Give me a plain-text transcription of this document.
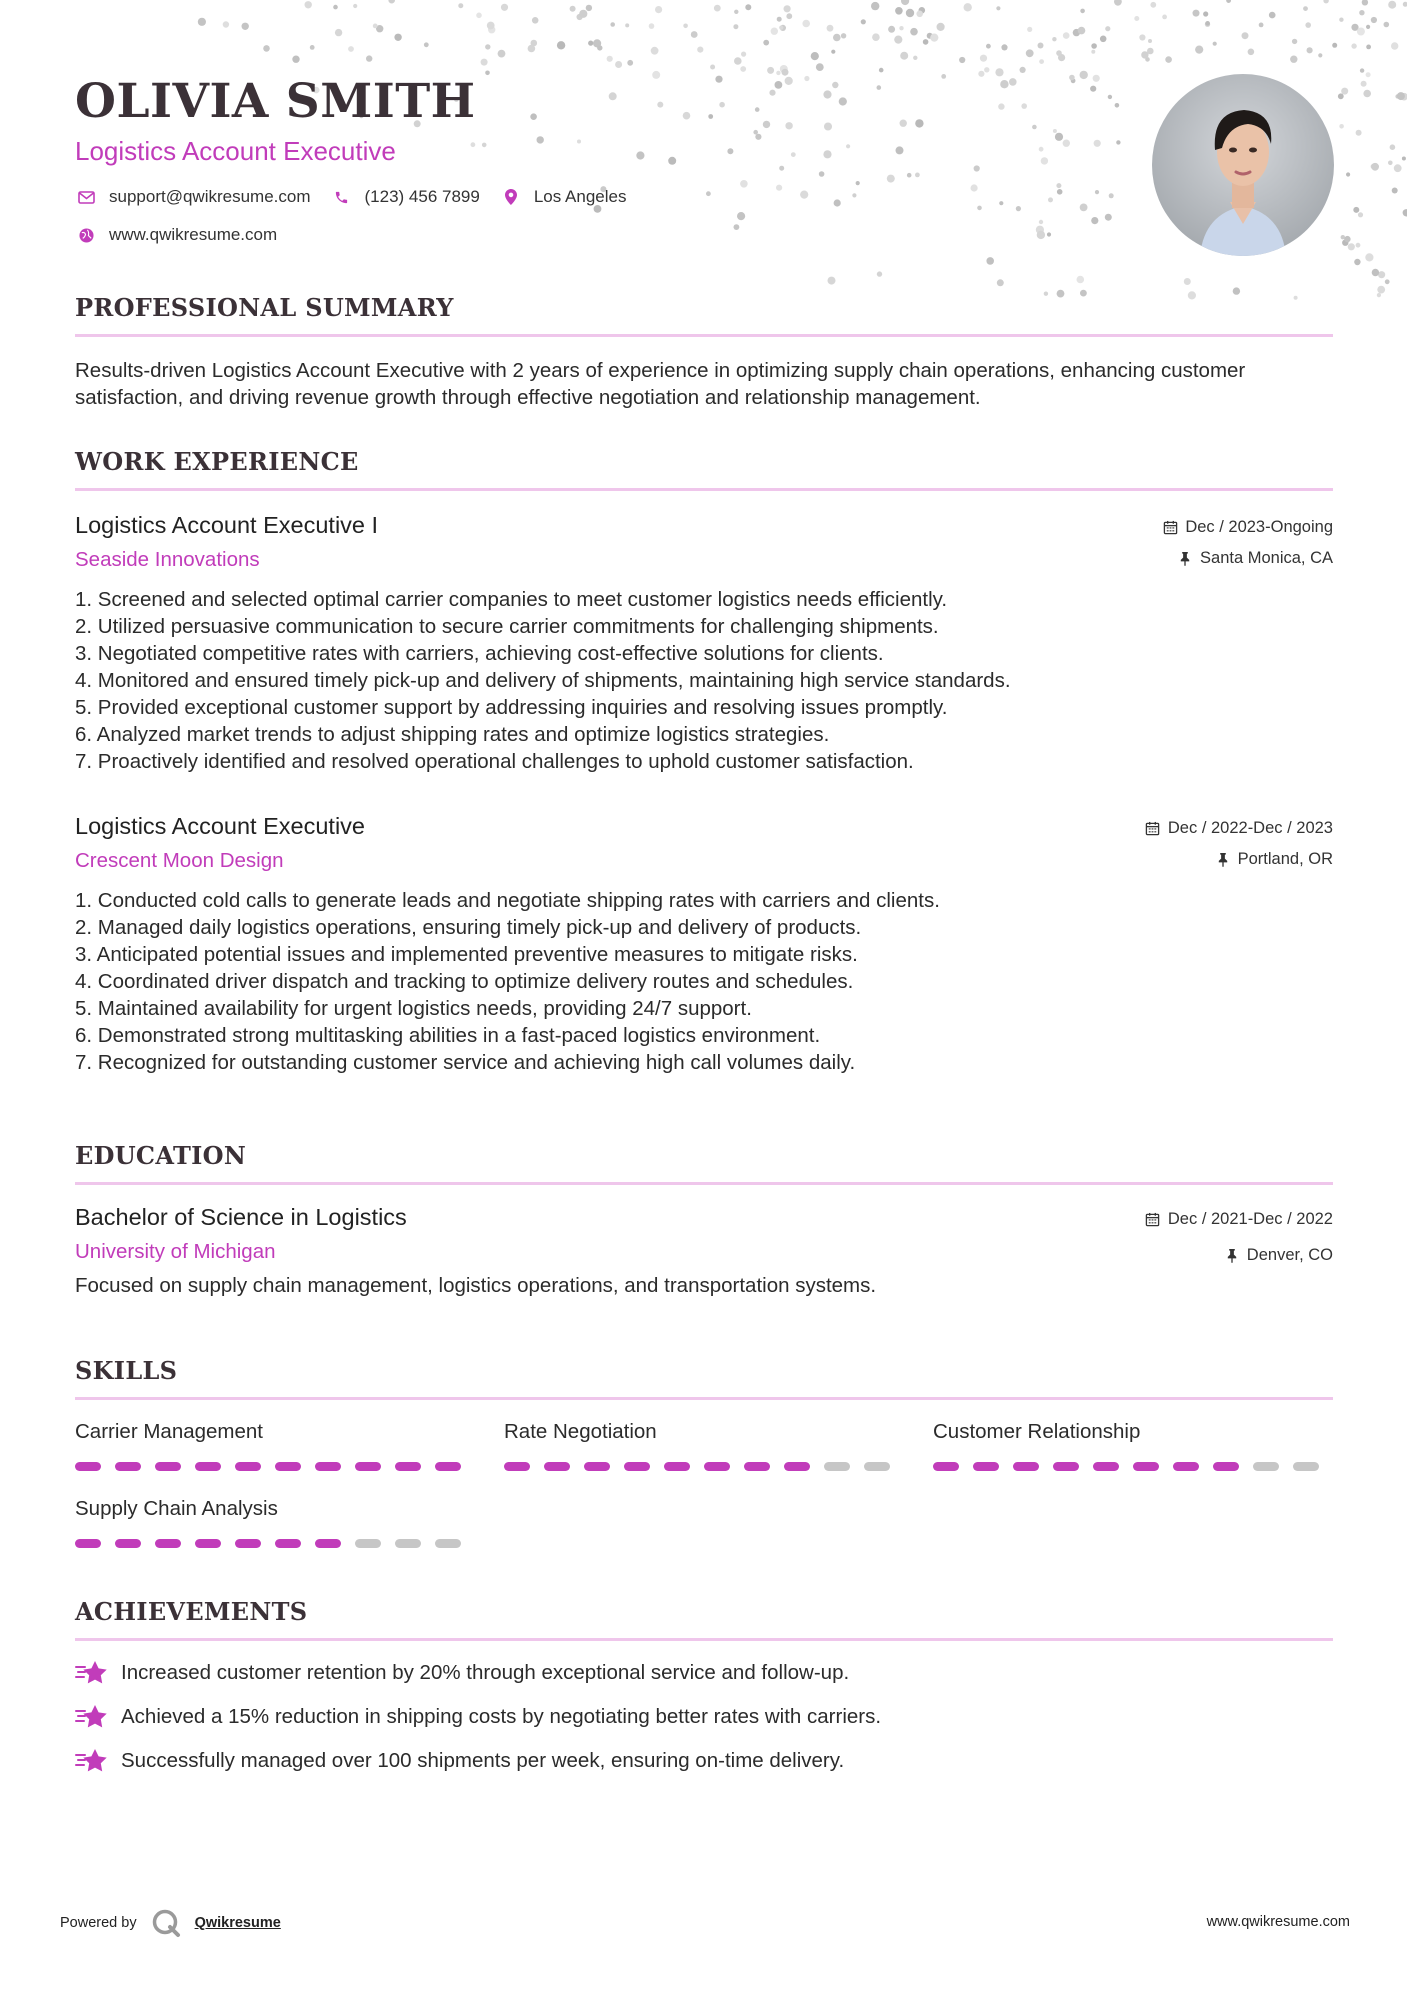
OLIVIA SMITH
Logistics Account Executive
support@qwikresume.com	(123) 456 7899	Los Angeles
www.qwikresume.com
PROFESSIONAL SUMMARY
Results-driven Logistics Account Executive with 2 years of experience in optimizing supply chain operations, enhancing customer satisfaction, and driving revenue growth through effective negotiation and relationship management.
WORK EXPERIENCE
Logistics Account Executive I
Seaside Innovations
Dec / 2023-Ongoing
Santa Monica, CA
1. Screened and selected optimal carrier companies to meet customer logistics needs efficiently.
2. Utilized persuasive communication to secure carrier commitments for challenging shipments.
3. Negotiated competitive rates with carriers, achieving cost-effective solutions for clients.
4. Monitored and ensured timely pick-up and delivery of shipments, maintaining high service standards.
5. Provided exceptional customer support by addressing inquiries and resolving issues promptly.
6. Analyzed market trends to adjust shipping rates and optimize logistics strategies.
7. Proactively identified and resolved operational challenges to uphold customer satisfaction.
Logistics Account Executive
Crescent Moon Design
Dec / 2022-Dec / 2023
Portland, OR
1. Conducted cold calls to generate leads and negotiate shipping rates with carriers and clients.
2. Managed daily logistics operations, ensuring timely pick-up and delivery of products.
3. Anticipated potential issues and implemented preventive measures to mitigate risks.
4. Coordinated driver dispatch and tracking to optimize delivery routes and schedules.
5. Maintained availability for urgent logistics needs, providing 24/7 support.
6. Demonstrated strong multitasking abilities in a fast-paced logistics environment.
7. Recognized for outstanding customer service and achieving high call volumes daily.
EDUCATION
Bachelor of Science in Logistics
University of Michigan
Dec / 2021-Dec / 2022
Denver, CO
Focused on supply chain management, logistics operations, and transportation systems.
SKILLS
Carrier Management	Rate Negotiation	Customer Relationship
Supply Chain Analysis
ACHIEVEMENTS
Increased customer retention by 20% through exceptional service and follow-up.
Achieved a 15% reduction in shipping costs by negotiating better rates with carriers.
Successfully managed over 100 shipments per week, ensuring on-time delivery.
Powered by	Qwikresume	www.qwikresume.com
